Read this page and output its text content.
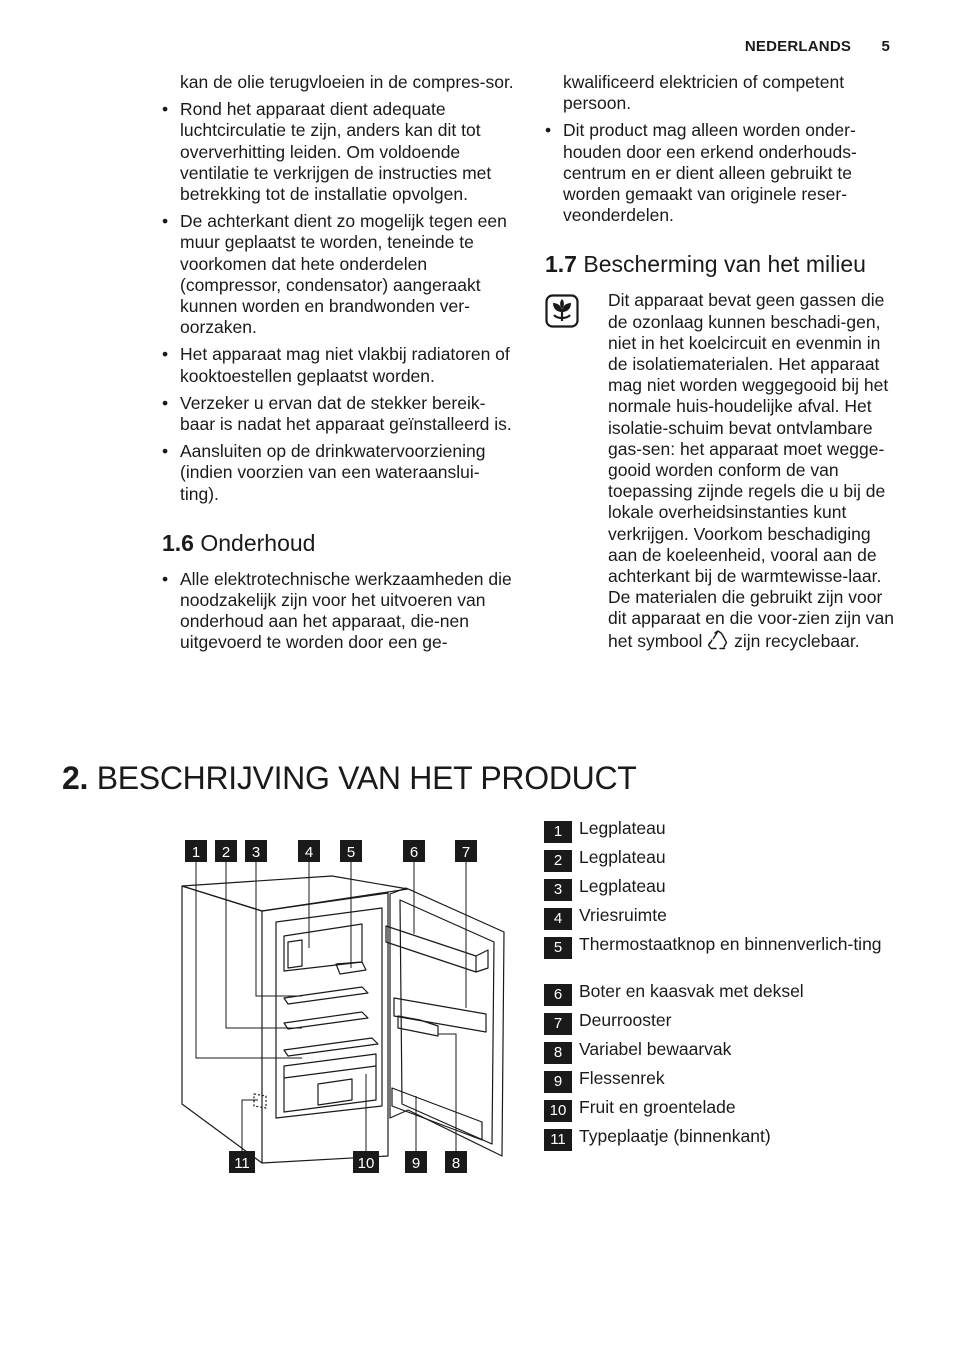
NEDERLANDS 5

kan de olie terugvloeien in de compres-sor.

• Rond het apparaat dient adequate luchtcirculatie te zijn, anders kan dit tot oververhitting leiden. Om voldoende ventilatie te verkrijgen de instructies met betrekking tot de installatie opvolgen.
• De achterkant dient zo mogelijk tegen een muur geplaatst te worden, teneinde te voorkomen dat hete onderdelen (compressor, condensator) aangeraakt kunnen worden en brandwonden ver-oorzaken.
• Het apparaat mag niet vlakbij radiatoren of kooktoestellen geplaatst worden.
• Verzeker u ervan dat de stekker bereik-baar is nadat het apparaat geïnstalleerd is.
• Aansluiten op de drinkwatervoorziening (indien voorzien van een wateraanslui-ting).
1.6 Onderhoud
• Alle elektrotechnische werkzaamheden die noodzakelijk zijn voor het uitvoeren van onderhoud aan het apparaat, die-nen uitgevoerd te worden door een ge-

kwalificeerd elektricien of competent persoon.

• Dit product mag alleen worden onder-houden door een erkend onderhouds-centrum en er dient alleen gebruikt te worden gemaakt van originele reser-veonderdelen.
1.7 Bescherming van het milieu
Dit apparaat bevat geen gassen die de ozonlaag kunnen beschadi-gen, niet in het koelcircuit en evenmin in de isolatiematerialen. Het apparaat mag niet worden weggegooid bij het normale huis-houdelijke afval. Het isolatie-schuim bevat ontvlambare gas-sen: het apparaat moet wegge-gooid worden conform de van toepassing zijnde regels die u bij de lokale overheidsinstanties kunt verkrijgen. Voorkom beschadiging aan de koeleenheid, vooral aan de achterkant bij de warmtewisse-laar. De materialen die gebruikt zijn voor dit apparaat en die voor-zien zijn van het symbool zijn recyclebaar.
2. BESCHRIJVING VAN HET PRODUCT
1 2 3	4 5	6	7
11	10 9 8
1 Legplateau
2 Legplateau
3 Legplateau
4 Vriesruimte
5 Thermostaatknop en binnenverlich-ting
6 Boter en kaasvak met deksel
7 Deurrooster
8 Variabel bewaarvak
9 Flessenrek
10 Fruit en groentelade
11 Typeplaatje (binnenkant)
